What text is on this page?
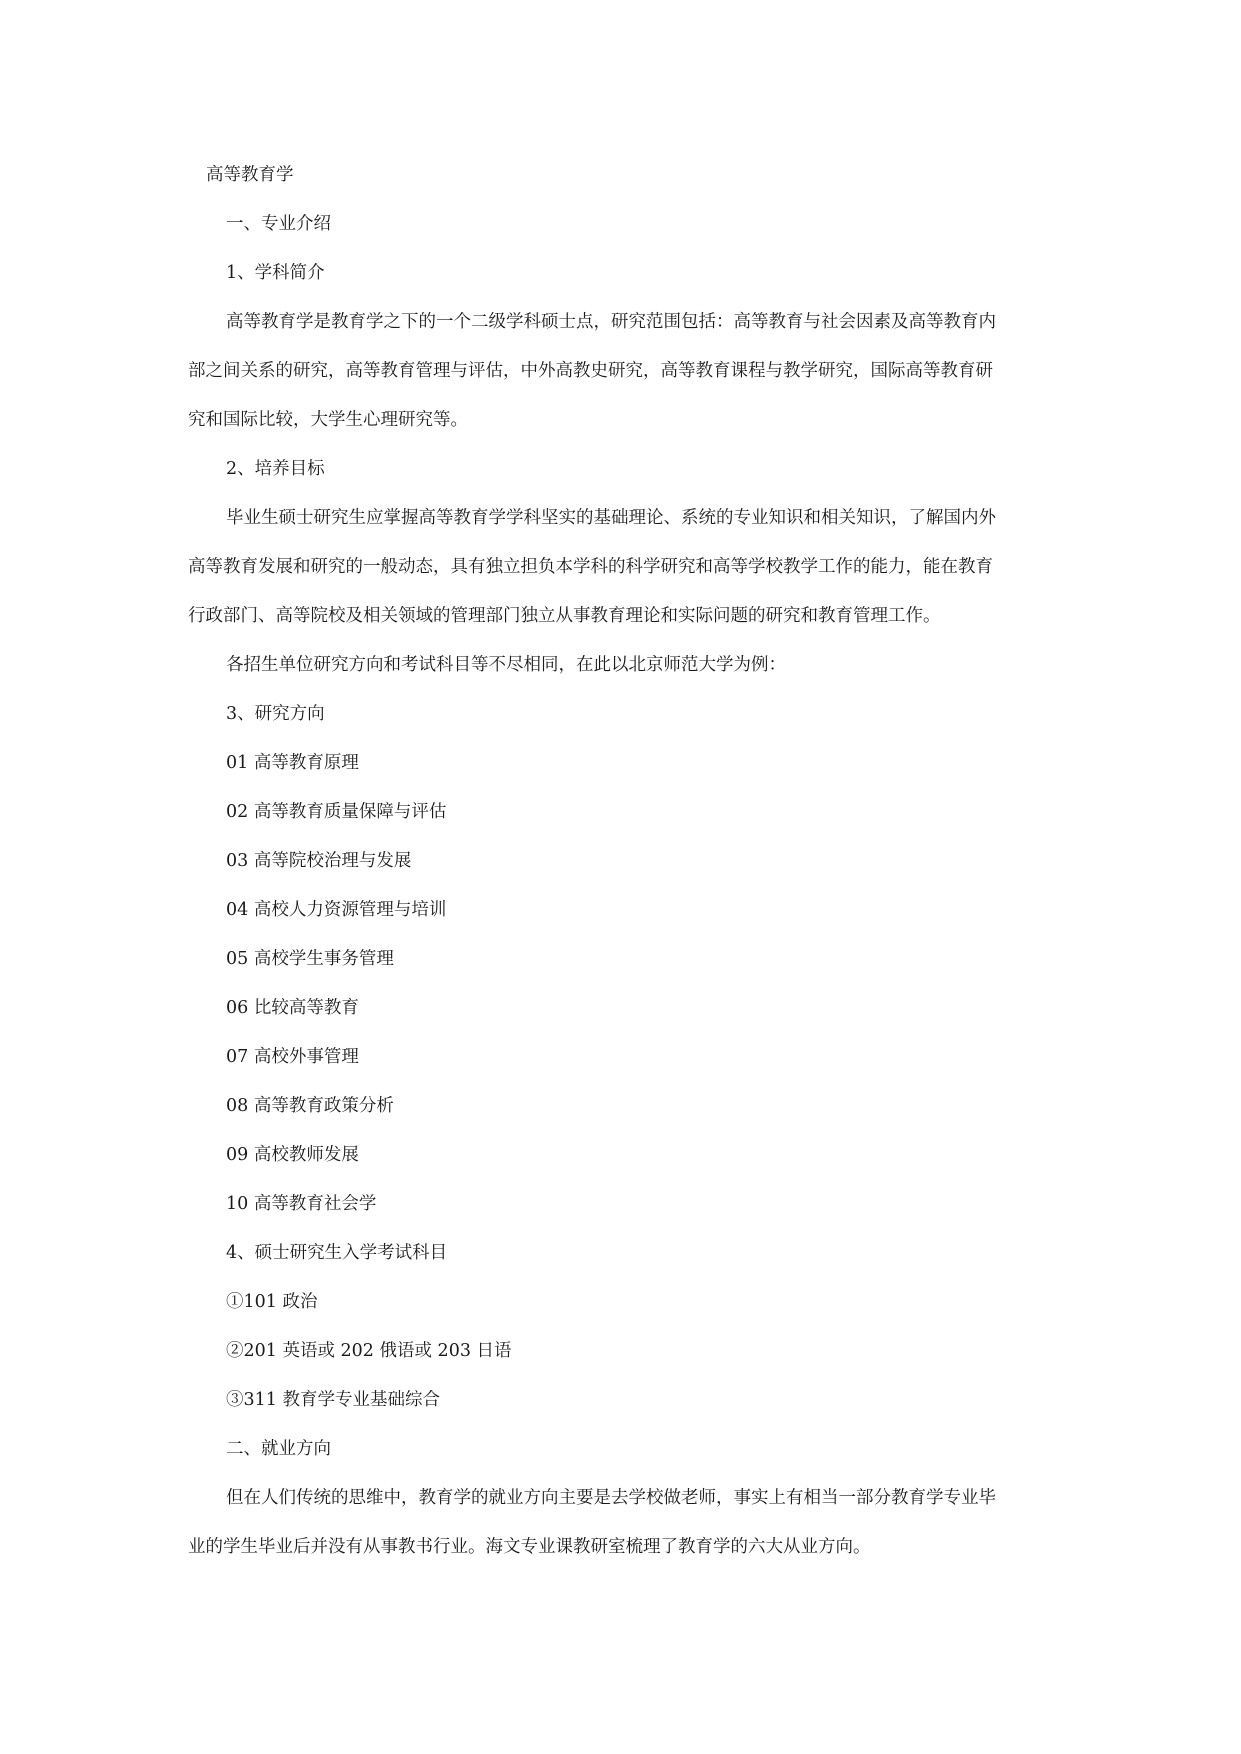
高等教育学

一、专业介绍

1、学科简介

高等教育学是教育学之下的一个二级学科硕士点，研究范围包括：高等教育与社会因素及高等教育内

部之间关系的研究，高等教育管理与评估，中外高教史研究，高等教育课程与教学研究，国际高等教育研

究和国际比较，大学生心理研究等。

2、培养目标

毕业生硕士研究生应掌握高等教育学学科坚实的基础理论、系统的专业知识和相关知识，了解国内外

高等教育发展和研究的一般动态，具有独立担负本学科的科学研究和高等学校教学工作的能力，能在教育

行政部门、高等院校及相关领域的管理部门独立从事教育理论和实际问题的研究和教育管理工作。

各招生单位研究方向和考试科目等不尽相同，在此以北京师范大学为例：

3、研究方向

01 高等教育原理

02 高等教育质量保障与评估

03 高等院校治理与发展

04 高校人力资源管理与培训

05 高校学生事务管理

06 比较高等教育

07 高校外事管理

08 高等教育政策分析

09 高校教师发展

10 高等教育社会学

4、硕士研究生入学考试科目

①101 政治

②201 英语或 202 俄语或 203 日语

③311 教育学专业基础综合

二、就业方向

但在人们传统的思维中，教育学的就业方向主要是去学校做老师，事实上有相当一部分教育学专业毕

业的学生毕业后并没有从事教书行业。海文专业课教研室梳理了教育学的六大从业方向。
